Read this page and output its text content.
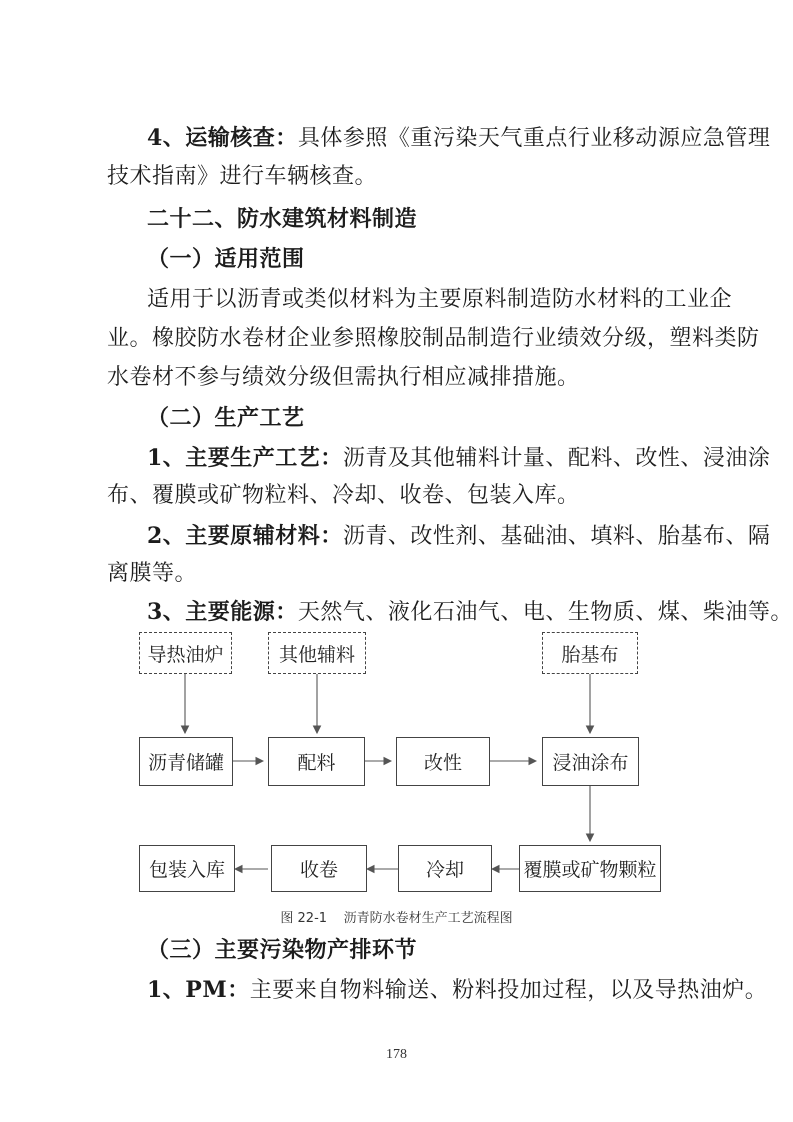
4、运输核查：具体参照《重污染天气重点行业移动源应急管理
技术指南》进行车辆核查。
二十二、防水建筑材料制造
（一）适用范围
适用于以沥青或类似材料为主要原料制造防水材料的工业企
业。橡胶防水卷材企业参照橡胶制品制造行业绩效分级，塑料类防
水卷材不参与绩效分级但需执行相应减排措施。
（二）生产工艺
1、主要生产工艺：沥青及其他辅料计量、配料、改性、浸油涂
布、覆膜或矿物粒料、冷却、收卷、包装入库。
2、主要原辅材料：沥青、改性剂、基础油、填料、胎基布、隔
离膜等。
3、主要能源：天然气、液化石油气、电、生物质、煤、柴油等。
导热油炉	其他辅料	胎基布
沥青储罐	配料	改性	浸油涂布
包装入库	收卷	冷却	覆膜或矿物颗粒
图 22-1    沥青防水卷材生产工艺流程图
（三）主要污染物产排环节
1、PM：主要来自物料输送、粉料投加过程，以及导热油炉。
178
